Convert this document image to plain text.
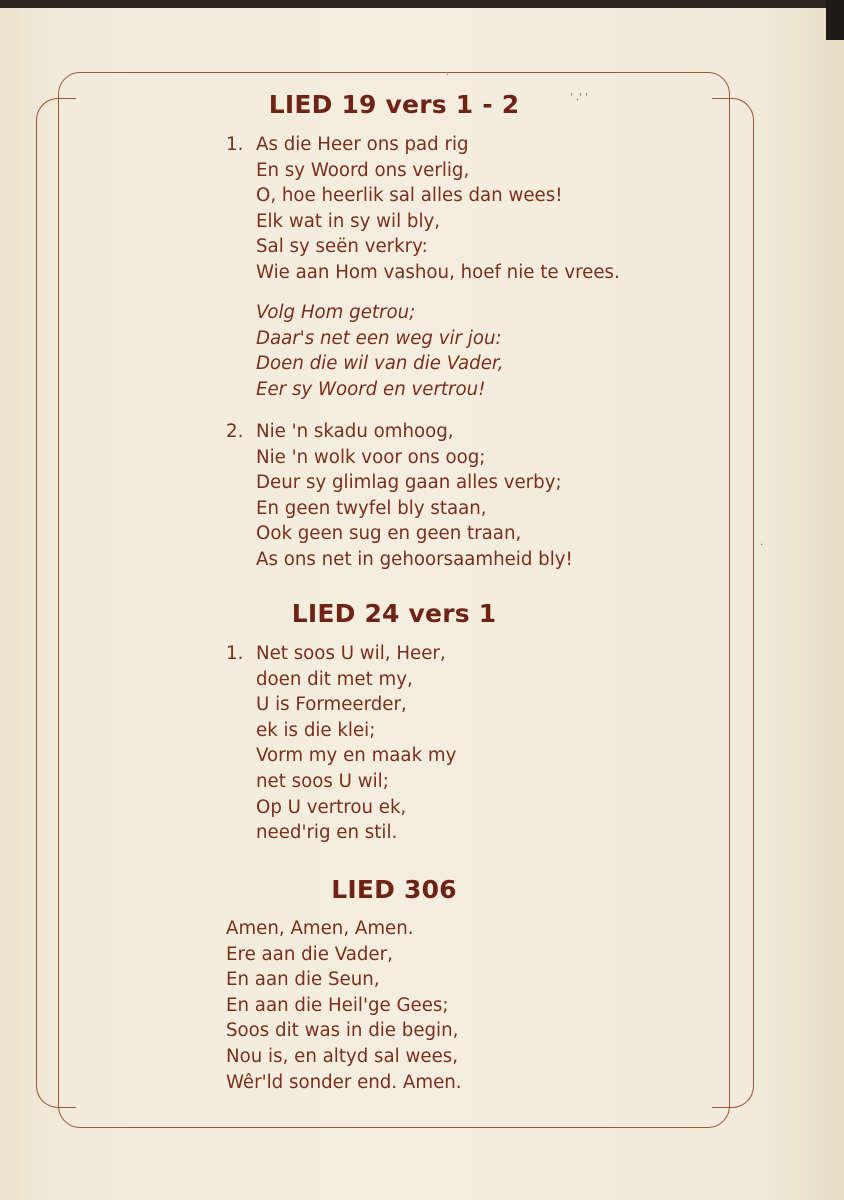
LIED 19 vers 1 - 2
1. As die Heer ons pad rig
En sy Woord ons verlig,
O, hoe heerlik sal alles dan wees!
Elk wat in sy wil bly,
Sal sy seën verkry:
Wie aan Hom vashou, hoef nie te vrees.
Volg Hom getrou;
Daar's net een weg vir jou:
Doen die wil van die Vader,
Eer sy Woord en vertrou!
2. Nie 'n skadu omhoog,
Nie 'n wolk voor ons oog;
Deur sy glimlag gaan alles verby;
En geen twyfel bly staan,
Ook geen sug en geen traan,
As ons net in gehoorsaamheid bly!
LIED 24 vers 1
1. Net soos U wil, Heer,
doen dit met my,
U is Formeerder,
ek is die klei;
Vorm my en maak my
net soos U wil;
Op U vertrou ek,
need'rig en stil.
LIED 306
Amen, Amen, Amen.
Ere aan die Vader,
En aan die Seun,
En aan die Heil'ge Gees;
Soos dit was in die begin,
Nou is, en altyd sal wees,
Wêr'ld sonder end. Amen.
·
' .' '
·
